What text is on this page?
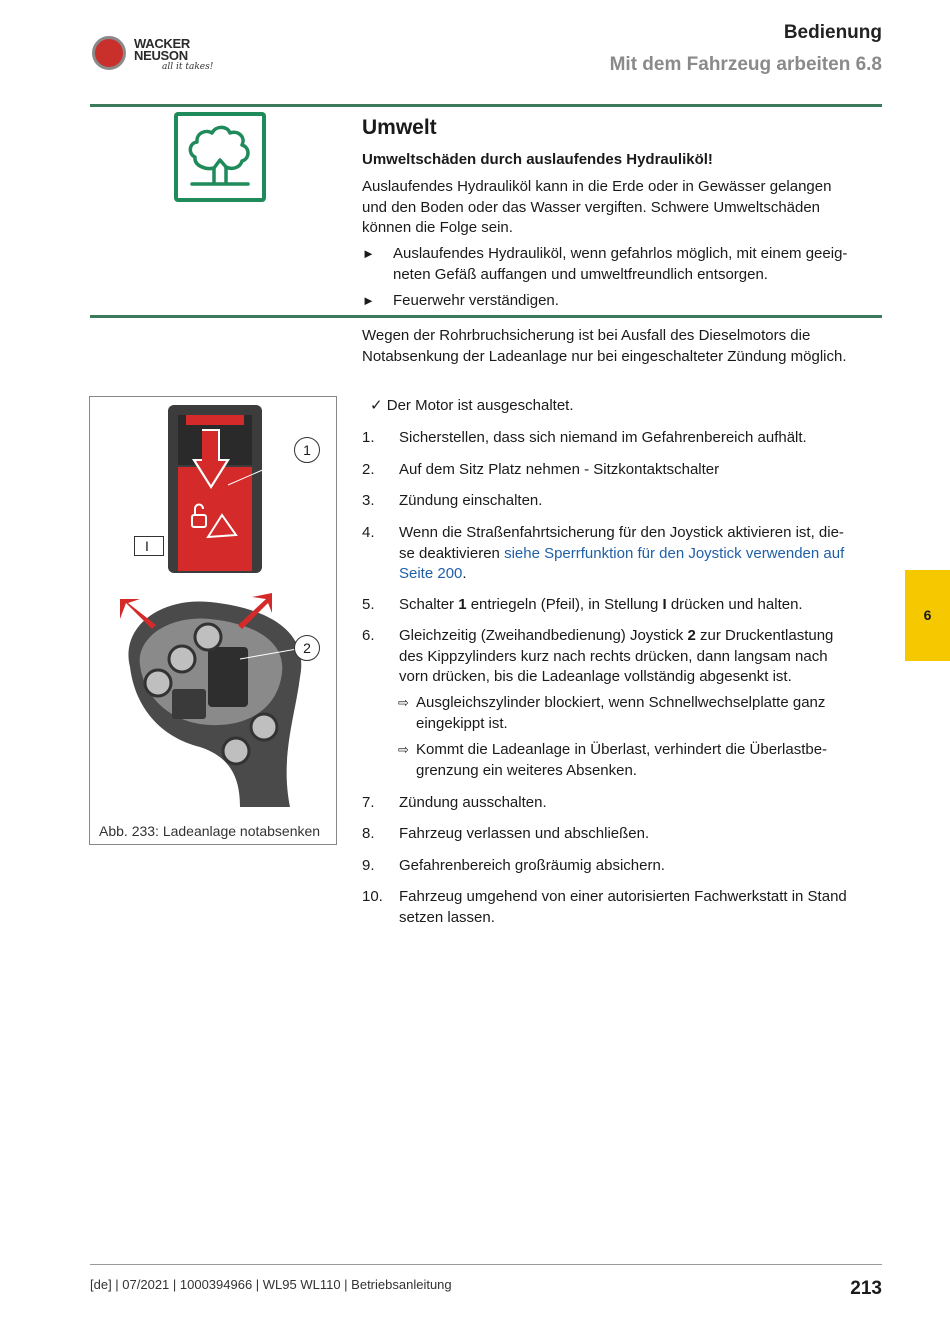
WACKER
NEUSON
all it takes!
Bedienung
Mit dem Fahrzeug arbeiten 6.8
Umwelt
Umweltschäden durch auslaufendes Hydrauliköl!
Auslaufendes Hydrauliköl kann in die Erde oder in Gewässer gelangen
und den Boden oder das Wasser vergiften. Schwere Umweltschäden
können die Folge sein.
► Auslaufendes Hydrauliköl, wenn gefahrlos möglich, mit einem geeig-
neten Gefäß auffangen und umweltfreundlich entsorgen.
► Feuerwehr verständigen.
Wegen der Rohrbruchsicherung ist bei Ausfall des Dieselmotors die
Notabsenkung der Ladeanlage nur bei eingeschalteter Zündung möglich.
1
2
I
Abb. 233: Ladeanlage notabsenken
✓ Der Motor ist ausgeschaltet.
1. Sicherstellen, dass sich niemand im Gefahrenbereich aufhält.
2. Auf dem Sitz Platz nehmen - Sitzkontaktschalter
3. Zündung einschalten.
4. Wenn die Straßenfahrtsicherung für den Joystick aktivieren ist, die-
se deaktivieren siehe Sperrfunktion für den Joystick verwenden auf
Seite 200.
5. Schalter 1 entriegeln (Pfeil), in Stellung I drücken und halten.
6. Gleichzeitig (Zweihandbedienung) Joystick 2 zur Druckentlastung
des Kippzylinders kurz nach rechts drücken, dann langsam nach
vorn drücken, bis die Ladeanlage vollständig abgesenkt ist.
⇨ Ausgleichszylinder blockiert, wenn Schnellwechselplatte ganz
eingekippt ist.
⇨ Kommt die Ladeanlage in Überlast, verhindert die Überlastbe-
grenzung ein weiteres Absenken.
7. Zündung ausschalten.
8. Fahrzeug verlassen und abschließen.
9. Gefahrenbereich großräumig absichern.
10. Fahrzeug umgehend von einer autorisierten Fachwerkstatt in Stand
setzen lassen.
6
[de] | 07/2021 | 1000394966 | WL95 WL110 | Betriebsanleitung	213
